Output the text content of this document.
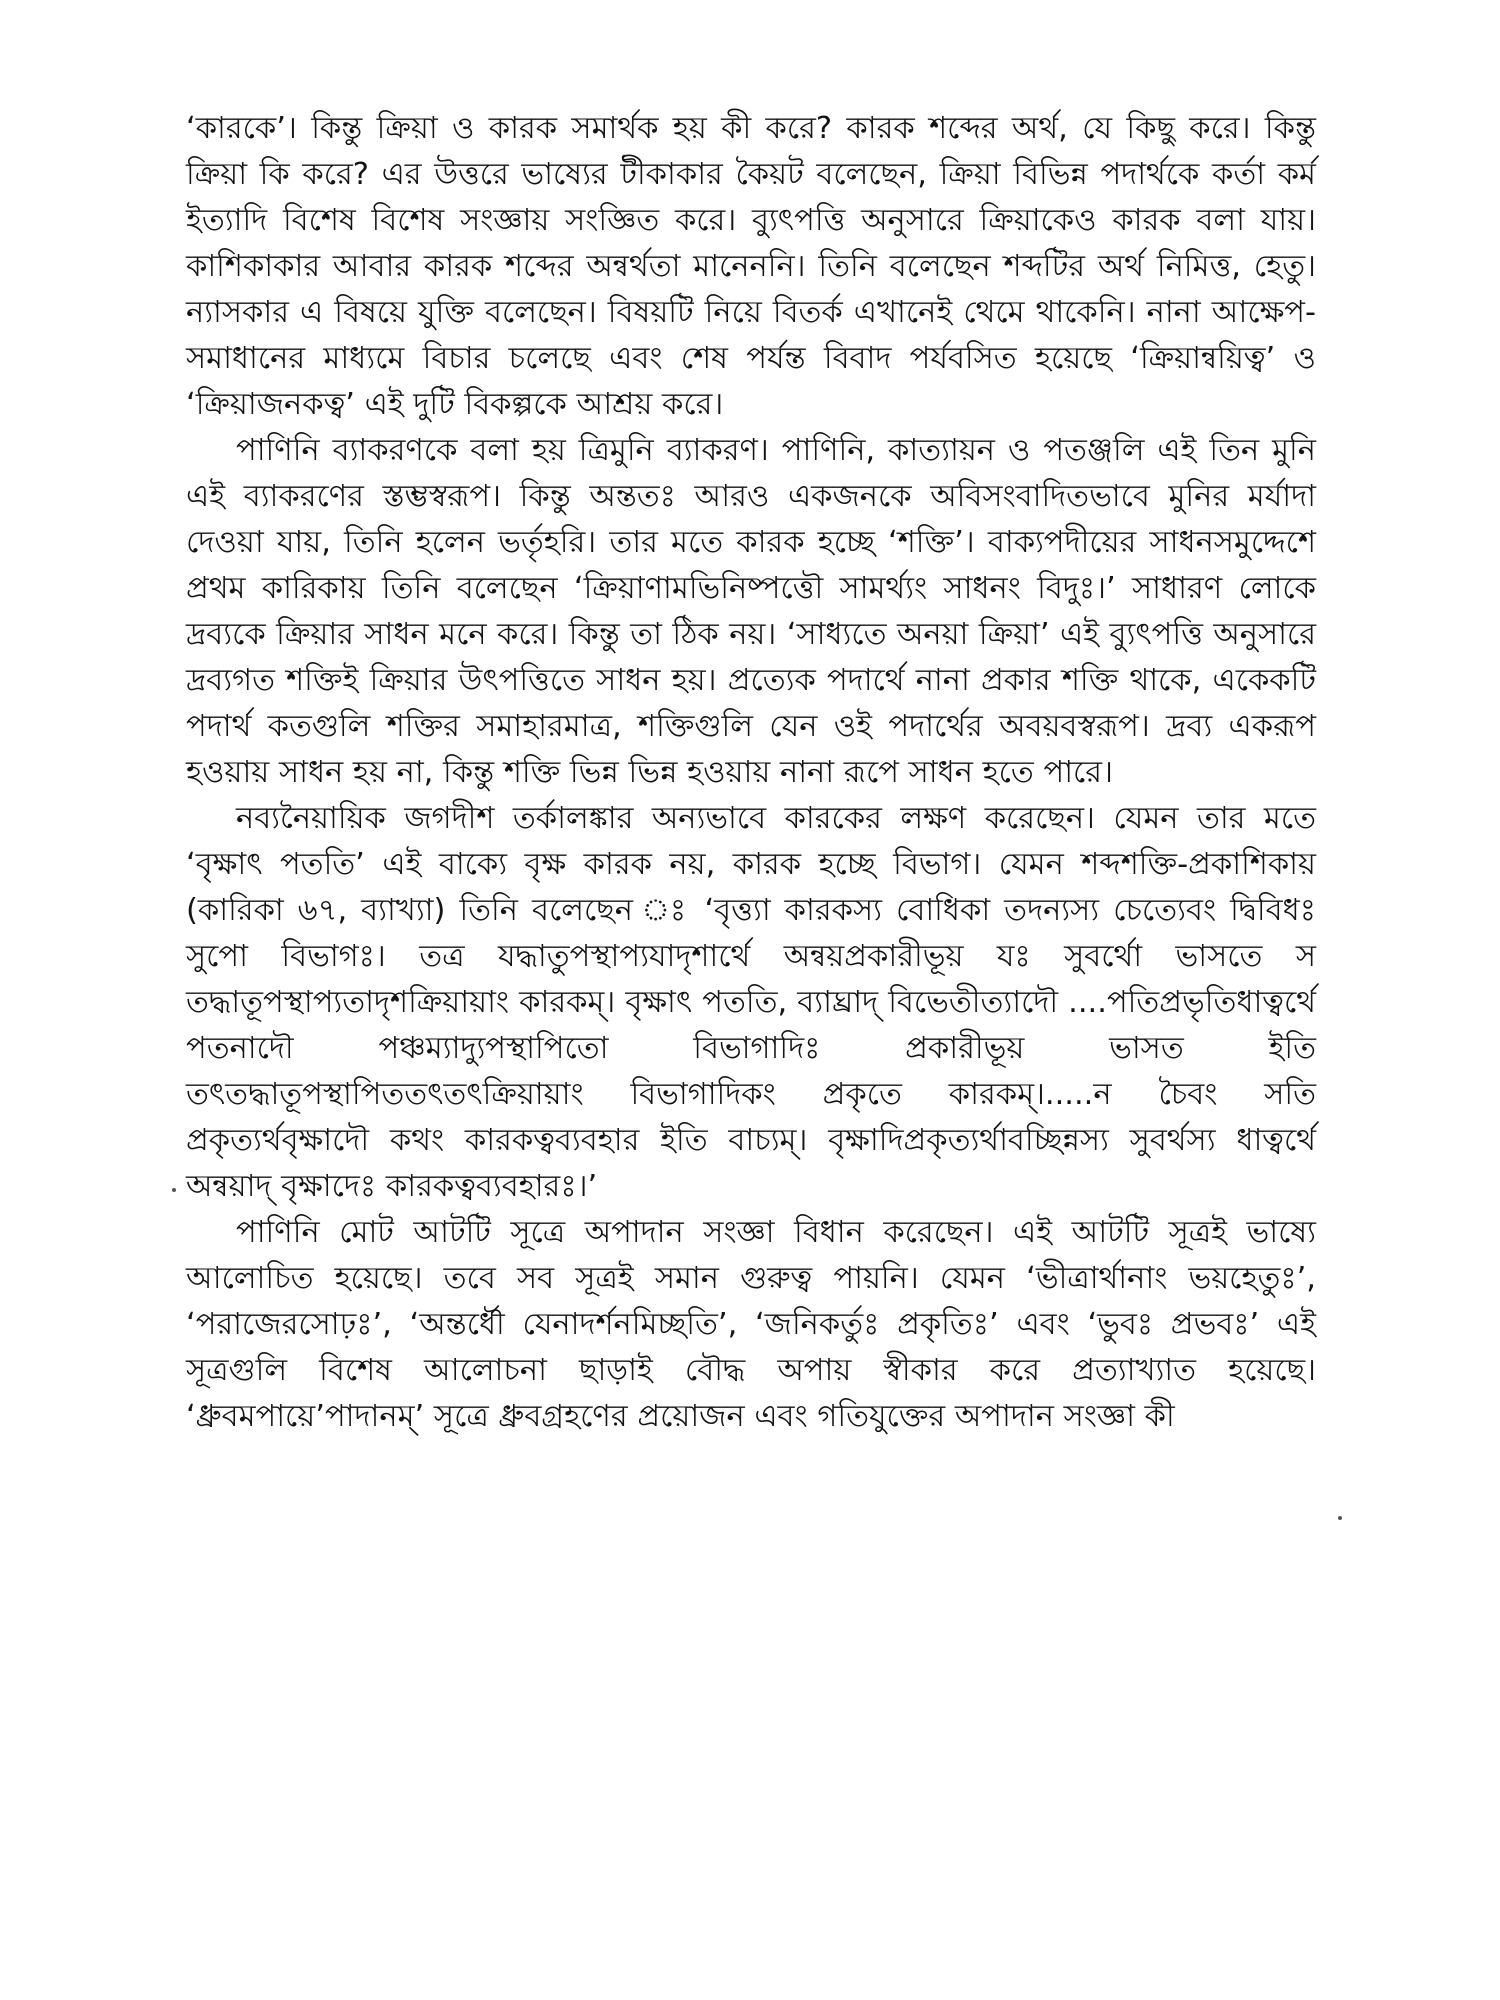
‘কারকে’। কিন্তু ক্রিয়া ও কারক সমার্থক হয় কী করে? কারক শব্দের অর্থ, যে কিছু করে। কিন্তু ক্রিয়া কি করে? এর উত্তরে ভাষ্যের টীকাকার কৈয়ট বলেছেন, ক্রিয়া বিভিন্ন পদার্থকে কর্তা কর্ম ইত্যাদি বিশেষ বিশেষ সংজ্ঞায় সংজ্ঞিত করে। ব্যুৎপত্তি অনুসারে ক্রিয়াকেও কারক বলা যায়। কাশিকাকার আবার কারক শব্দের অন্বর্থতা মানেননি। তিনি বলেছেন শব্দটির অর্থ নিমিত্ত, হেতু। ন্যাসকার এ বিষয়ে যুক্তি বলেছেন। বিষয়টি নিয়ে বিতর্ক এখানেই থেমে থাকেনি। নানা আক্ষেপ-সমাধানের মাধ্যমে বিচার চলেছে এবং শেষ পর্যন্ত বিবাদ পর্যবসিত হয়েছে ‘ক্রিয়ান্বয়িত্ব’ ও ‘ক্রিয়াজনকত্ব’ এই দুটি বিকল্পকে আশ্রয় করে।

পাণিনি ব্যাকরণকে বলা হয় ত্রিমুনি ব্যাকরণ। পাণিনি, কাত্যায়ন ও পতঞ্জলি এই তিন মুনি এই ব্যাকরণের স্তম্ভস্বরূপ। কিন্তু অন্ততঃ আরও একজনকে অবিসংবাদিতভাবে মুনির মর্যাদা দেওয়া যায়, তিনি হলেন ভর্তৃহরি। তার মতে কারক হচ্ছে ‘শক্তি’। বাক্যপদীয়ের সাধনসমুদ্দেশে প্রথম কারিকায় তিনি বলেছেন ‘ক্রিয়াণামভিনিষ্পত্তৌ সামর্থ্যং সাধনং বিদুঃ।’ সাধারণ লোকে দ্রব্যকে ক্রিয়ার সাধন মনে করে। কিন্তু তা ঠিক নয়। ‘সাধ্যতে অনয়া ক্রিয়া’ এই ব্যুৎপত্তি অনুসারে দ্রব্যগত শক্তিই ক্রিয়ার উৎপত্তিতে সাধন হয়। প্রত্যেক পদার্থে নানা প্রকার শক্তি থাকে, একেকটি পদার্থ কতগুলি শক্তির সমাহারমাত্র, শক্তিগুলি যেন ওই পদার্থের অবয়বস্বরূপ। দ্রব্য একরূপ হওয়ায় সাধন হয় না, কিন্তু শক্তি ভিন্ন ভিন্ন হওয়ায় নানা রূপে সাধন হতে পারে।

নব্যনৈয়ায়িক জগদীশ তর্কালঙ্কার অন্যভাবে কারকের লক্ষণ করেছেন। যেমন তার মতে ‘বৃক্ষাৎ পততি’ এই বাক্যে বৃক্ষ কারক নয়, কারক হচ্ছে বিভাগ। যেমন শব্দশক্তি-প্রকাশিকায় (কারিকা ৬৭, ব্যাখ্যা) তিনি বলেছেন ঃ ‘বৃত্ত্যা কারকস্য বোধিকা তদন্যস্য চেত্যেবং দ্বিবিধঃ সুপো বিভাগঃ। তত্র যদ্ধাতুপস্থাপ্যযাদৃশার্থে অন্বয়প্রকারীভূয় যঃ সুবর্থো ভাসতে স তদ্ধাতূপস্থাপ্যতাদৃশক্রিয়ায়াং কারকম্‌। বৃক্ষাৎ পততি, ব্যাঘ্রাদ্‌ বিভেতীত্যাদৌ ....পতিপ্রভৃতিধাত্বর্থে পতনাদৌ পঞ্চম্যাদ্যুপস্থাপিতো বিভাগাদিঃ প্রকারীভূয় ভাসত ইতি তৎতদ্ধাতূপস্থাপিততৎতৎক্রিয়ায়াং বিভাগাদিকং প্রকৃতে কারকম্‌।.....ন চৈবং সতি প্রকৃত্যর্থবৃক্ষাদৌ কথং কারকত্বব্যবহার ইতি বাচ্যম্‌। বৃক্ষাদিপ্রকৃত্যর্থাবচ্ছিন্নস্য সুবর্থস্য ধাত্বর্থে অন্বয়াদ্‌ বৃক্ষাদেঃ কারকত্বব্যবহারঃ।’

পাণিনি মোট আটটি সূত্রে অপাদান সংজ্ঞা বিধান করেছেন। এই আটটি সূত্রই ভাষ্যে আলোচিত হয়েছে। তবে সব সূত্রই সমান গুরুত্ব পায়নি। যেমন ‘ভীত্রার্থানাং ভয়হেতুঃ’, ‘পরাজেরসোঢ়ঃ’, ‘অন্তর্ধৌ যেনাদর্শনমিচ্ছতি’, ‘জনিকর্তুঃ প্রকৃতিঃ’ এবং ‘ভুবঃ প্রভবঃ’ এই সূত্রগুলি বিশেষ আলোচনা ছাড়াই বৌদ্ধ অপায় স্বীকার করে প্রত্যাখ্যাত হয়েছে। ‘ধ্রুবমপায়ে’পাদানম্‌’ সূত্রে ধ্রুবগ্রহণের প্রয়োজন এবং গতিযুক্তের অপাদান সংজ্ঞা কী
